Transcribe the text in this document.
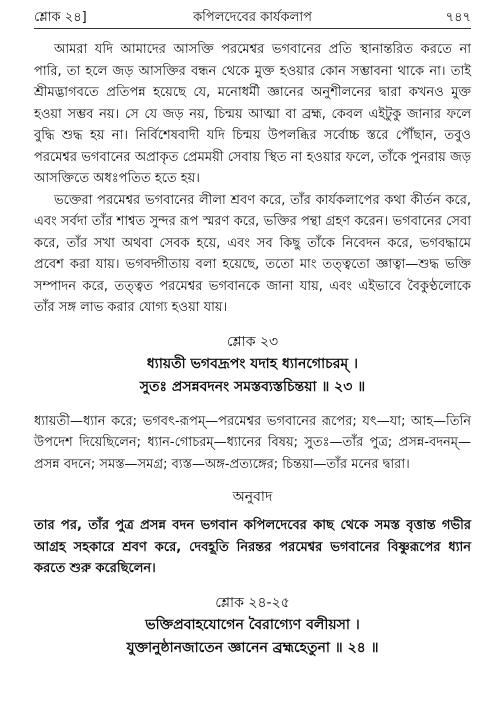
শ্লোক ২৪]	কপিলদেবের কার্যকলাপ	৭৪৭

আমরা যদি আমাদের আসক্তি পরমেশ্বর ভগবানের প্রতি স্থানান্তরিত করতে না পারি, তা হলে জড় আসক্তির বন্ধন থেকে মুক্ত হওয়ার কোন সম্ভাবনা থাকে না। তাই শ্রীমদ্ভাগবতে প্রতিপন্ন হয়েছে যে, মনোধর্মী জ্ঞানের অনুশীলনের দ্বারা কখনও মুক্ত হওয়া সম্ভব নয়। সে যে জড় নয়, চিন্ময় আত্মা বা ব্রহ্ম, কেবল এইটুকু জানার ফলে বুদ্ধি শুদ্ধ হয় না। নির্বিশেষবাদী যদি চিন্ময় উপলব্ধির সর্বোচ্চ স্তরে পৌঁছান, তবুও পরমেশ্বর ভগবানের অপ্রাকৃত প্রেমময়ী সেবায় স্থিত না হওয়ার ফলে, তাঁকে পুনরায় জড় আসক্তিতে অধঃপতিত হতে হয়।

ভক্তেরা পরমেশ্বর ভগবানের লীলা শ্রবণ করে, তাঁর কার্যকলাপের কথা কীর্তন করে, এবং সর্বদা তাঁর শাশ্বত সুন্দর রূপ স্মরণ করে, ভক্তির পন্থা গ্রহণ করেন। ভগবানের সেবা করে, তাঁর সখা অথবা সেবক হয়ে, এবং সব কিছু তাঁকে নিবেদন করে, ভগবদ্ধামে প্রবেশ করা যায়। ভগবদ্গীতায় বলা হয়েছে, ততো মাং তত্ত্বতো জ্ঞাত্বা—শুদ্ধ ভক্তি সম্পাদন করে, তত্ত্বত পরমেশ্বর ভগবানকে জানা যায়, এবং এইভাবে বৈকুণ্ঠলোকে তাঁর সঙ্গ লাভ করার যোগ্য হওয়া যায়।

শ্লোক ২৩
ধ্যায়তী ভগবদ্রূপং যদাহ ধ্যানগোচরম্ ।
সুতঃ প্রসন্নবদনং সমস্তব্যস্তচিন্তয়া ॥ ২৩ ॥
ধ্যায়তী—ধ্যান করে; ভগবৎ-রূপম্—পরমেশ্বর ভগবানের রূপের; যৎ—যা; আহ—তিনি উপদেশ দিয়েছিলেন; ধ্যান-গোচরম্—ধ্যানের বিষয়; সুতঃ—তাঁর পুত্র; প্রসন্ন-বদনম্—প্রসন্ন বদনে; সমস্ত—সমগ্র; ব্যস্ত—অঙ্গ-প্রত্যঙ্গের; চিন্তয়া—তাঁর মনের দ্বারা।
অনুবাদ
তার পর, তাঁর পুত্র প্রসন্ন বদন ভগবান কপিলদেবের কাছ থেকে সমস্ত বৃত্তান্ত গভীর আগ্রহ সহকারে শ্রবণ করে, দেবহূতি নিরন্তর পরমেশ্বর ভগবানের বিষ্ণুরূপের ধ্যান করতে শুরু করেছিলেন।
শ্লোক ২৪-২৫
ভক্তিপ্রবাহযোগেন বৈরাগ্যেণ বলীয়সা ।
যুক্তানুষ্ঠানজাতেন জ্ঞানেন ব্রহ্মহেতুনা ॥ ২৪ ॥
